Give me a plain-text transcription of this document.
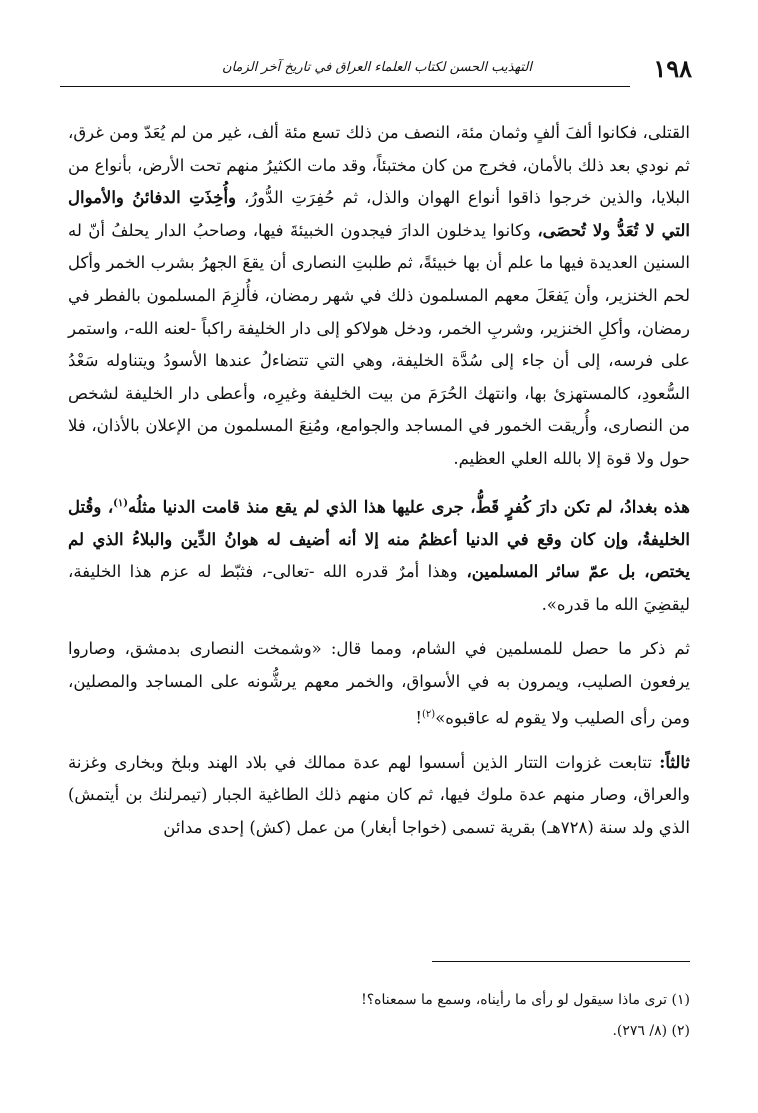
١٩٨
التهذيب الحسن لكتاب العلماء العراق في تاريخ آخر الزمان

القتلى، فكانوا ألفَ ألفٍ وثمان مئة، النصف من ذلك تسع مئة ألف، غير من لم يُعَدّ ومن غرق، ثم نودي بعد ذلك بالأمان، فخرج من كان مختبئاً، وقد مات الكثيرُ منهم تحت الأرض، بأنواع من البلايا، والذين خرجوا ذاقوا أنواع الهوان والذل، ثم حُفِرَتِ الدُّورُ، وأُخِذَتِ الدفائنُ والأموال التي لا تُعَدُّ ولا تُحصَى، وكانوا يدخلون الدارَ فيجدون الخبيئةَ فيها، وصاحبُ الدار يحلفُ أنّ له السنين العديدة فيها ما علم أن بها خبيئةً، ثم طلبتِ النصارى أن يقعَ الجهرُ بشرب الخمر وأكل لحم الخنزير، وأن يَفعَلَ معهم المسلمون ذلك في شهر رمضان، فأُلزِمَ المسلمون بالفطر في رمضان، وأكلِ الخنزير، وشربِ الخمر، ودخل هولاكو إلى دار الخليفة راكباً -لعنه الله-، واستمر على فرسه، إلى أن جاء إلى سُدَّة الخليفة، وهي التي تتضاءلُ عندها الأسودُ ويتناوله سَعْدُ السُّعودِ، كالمستهزئ بها، وانتهك الحُرَمَ من بيت الخليفة وغيرِه، وأعطى دار الخليفة لشخص من النصارى، وأُريقت الخمور في المساجد والجوامع، ومُنِعَ المسلمون من الإعلان بالأذان، فلا حول ولا قوة إلا بالله العلي العظيم.

هذه بغدادُ، لم تكن دارَ كُفرٍ قَطُّ، جرى عليها هذا الذي لم يقع منذ قامت الدنيا مثلُه$^{(١)}$، وقُتل الخليفةُ، وإن كان وقع في الدنيا أعظمُ منه إلا أنه أضيف له هوانُ الدِّين والبلاءُ الذي لم يختص، بل عمّ سائر المسلمين، وهذا أمرٌ قدره الله -تعالى-، فثبّط له عزم هذا الخليفة، ليقضِيَ الله ما قدره».

ثم ذكر ما حصل للمسلمين في الشام، ومما قال: «وشمخت النصارى بدمشق، وصاروا يرفعون الصليب، ويمرون به في الأسواق، والخمر معهم يرشُّونه على المساجد والمصلين، ومن رأى الصليب ولا يقوم له عاقبوه»$^{(٢)}$!

ثالثاً: تتابعت غزوات التتار الذين أسسوا لهم عدة ممالك في بلاد الهند وبلخ وبخارى وغزنة والعراق، وصار منهم عدة ملوك فيها، ثم كان منهم ذلك الطاغية الجبار (تيمرلنك بن أيتمش) الذي ولد سنة (٧٢٨هـ) بقرية تسمى (خواجا أبغار) من عمل (كش) إحدى مدائن

(١) ترى ماذا سيقول لو رأى ما رأيناه، وسمع ما سمعناه؟!

(٢) (٨/ ٢٧٦).
